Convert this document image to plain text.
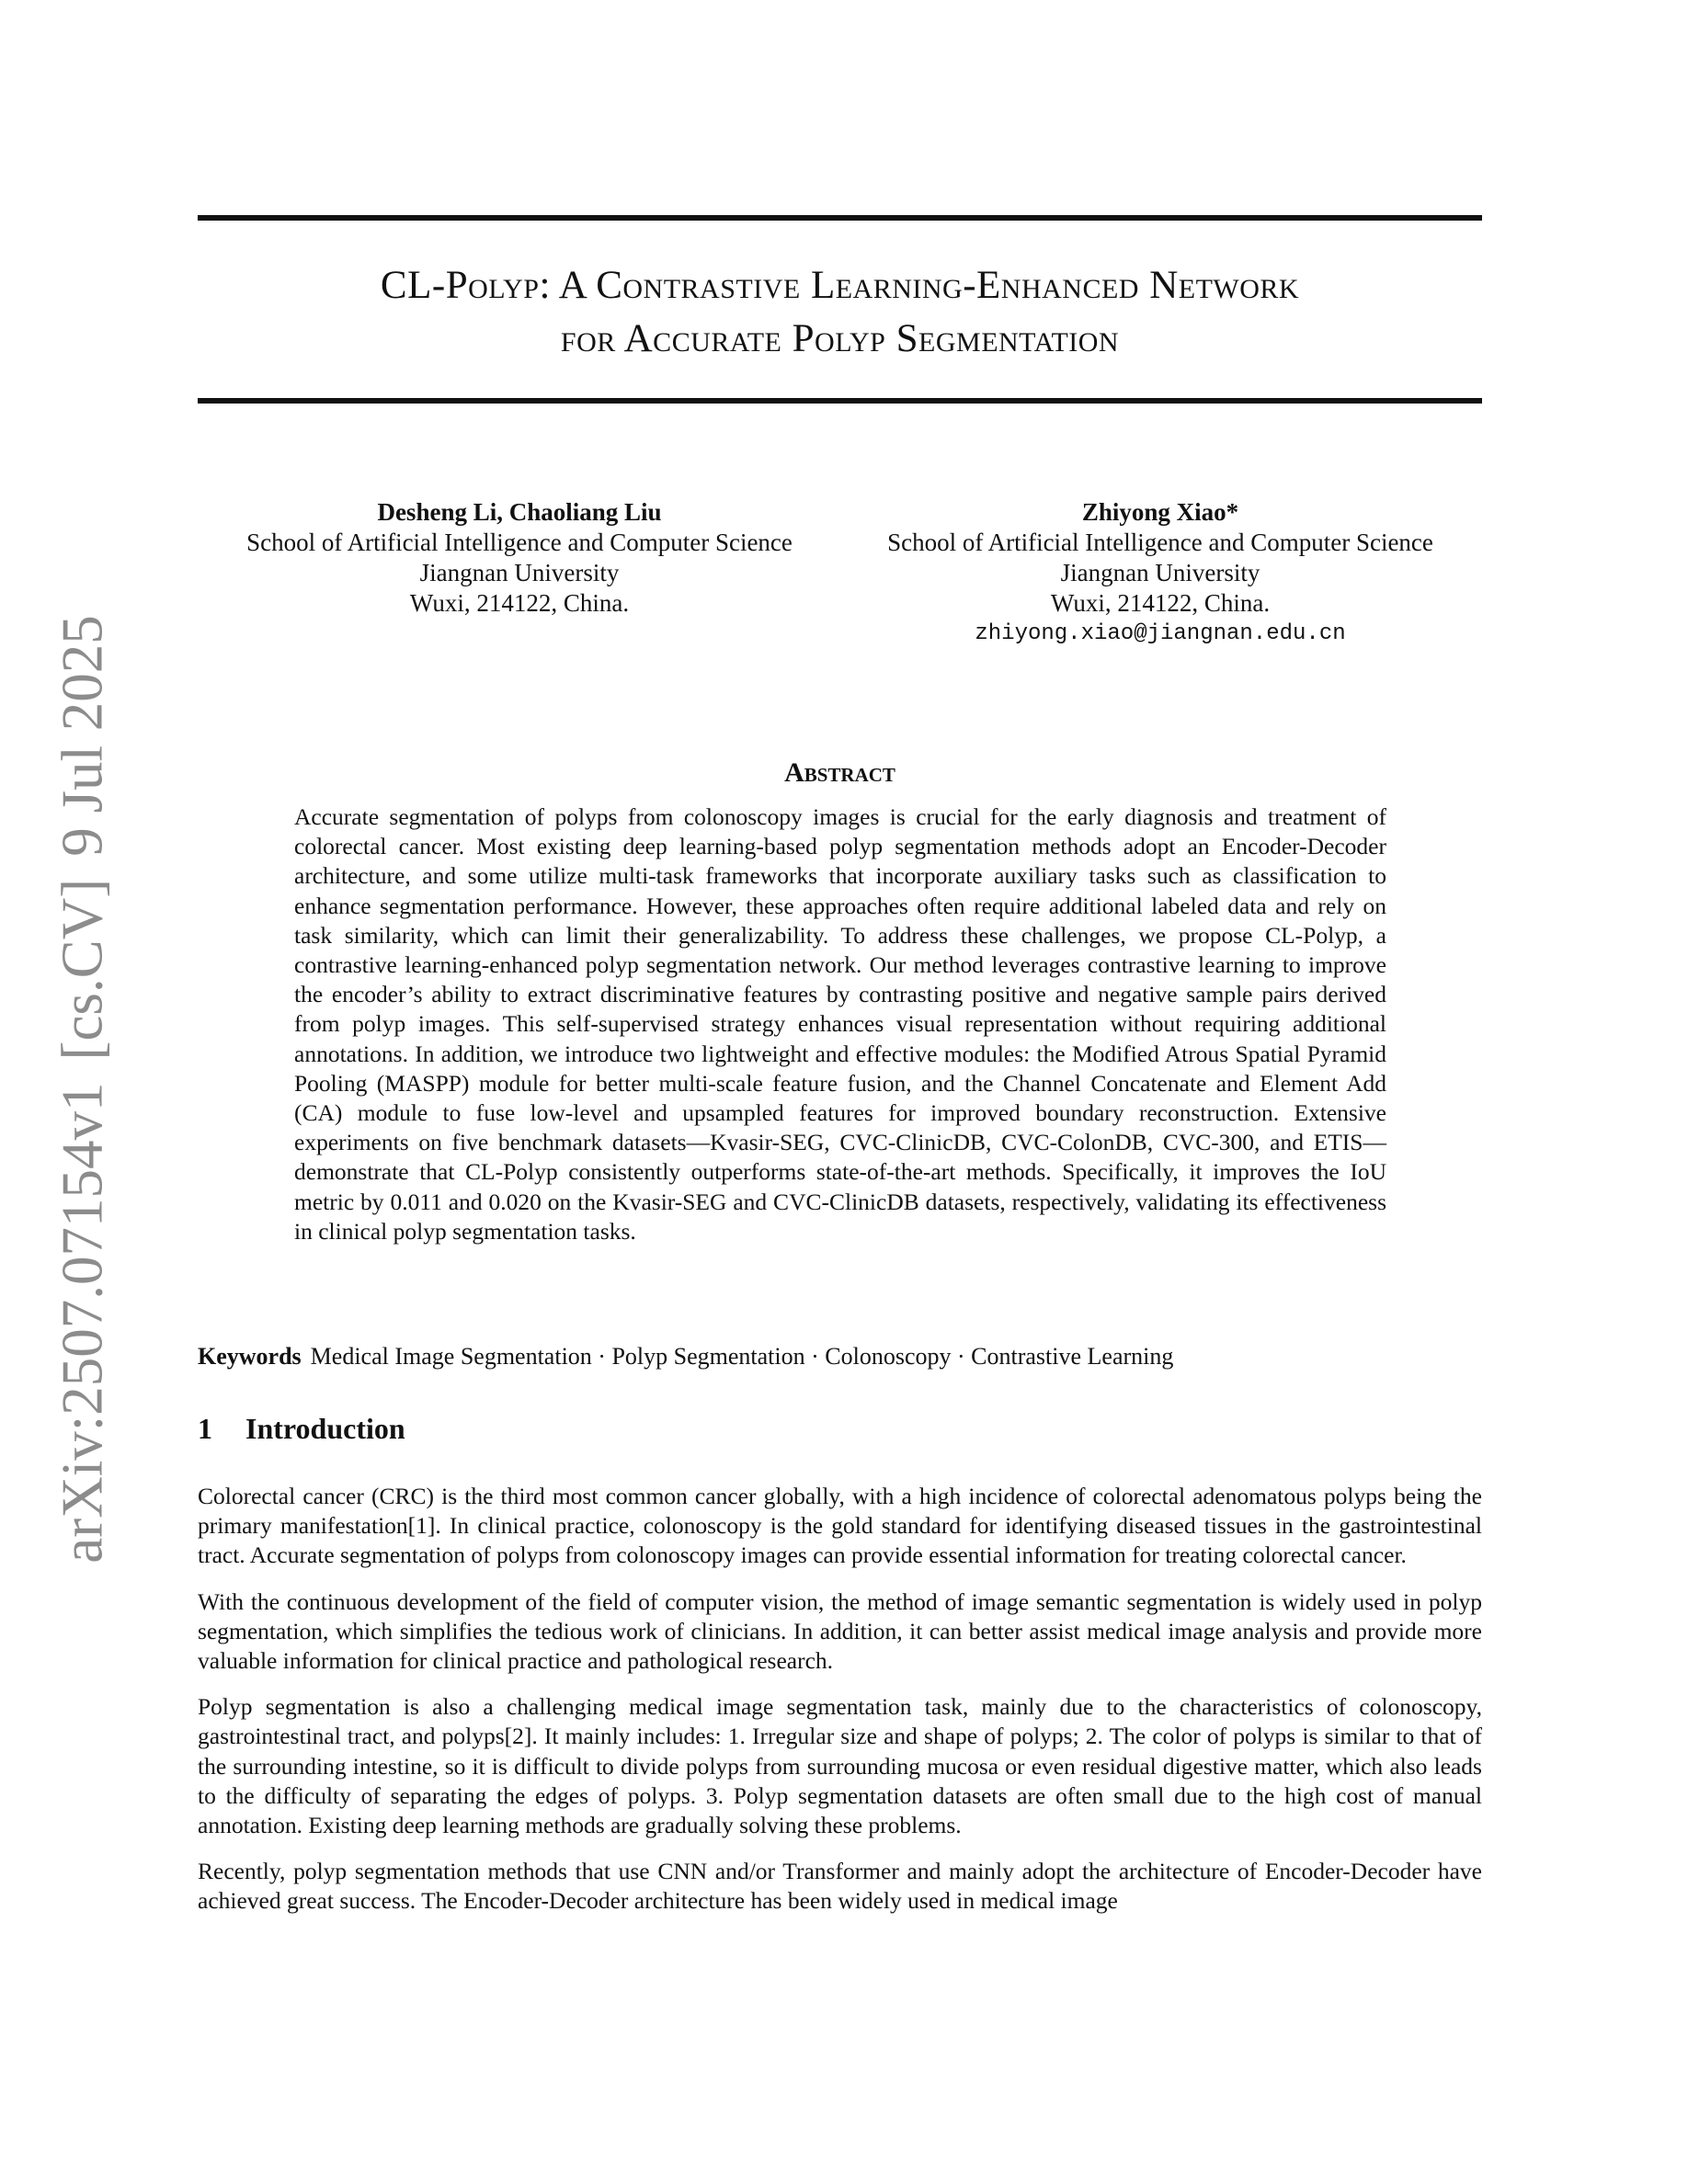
arXiv:2507.07154v1[cs.CV]9 Jul 2025
CL-Polyp: A Contrastive Learning-Enhanced Network
for Accurate Polyp Segmentation
Desheng Li, Chaoliang Liu
School of Artificial Intelligence and Computer Science
Jiangnan University
Wuxi, 214122, China.
Zhiyong Xiao*
School of Artificial Intelligence and Computer Science
Jiangnan University
Wuxi, 214122, China.
zhiyong.xiao@jiangnan.edu.cn
Abstract
Accurate segmentation of polyps from colonoscopy images is crucial for the early diagnosis and treatment of colorectal cancer. Most existing deep learning-based polyp segmentation methods adopt an Encoder-Decoder architecture, and some utilize multi-task frameworks that incorporate auxiliary tasks such as classification to enhance segmentation performance. However, these approaches often require additional labeled data and rely on task similarity, which can limit their generalizability. To address these challenges, we propose CL-Polyp, a contrastive learning-enhanced polyp segmentation network. Our method leverages contrastive learning to improve the encoder’s ability to extract discriminative features by contrasting positive and negative sample pairs derived from polyp images. This self-supervised strategy enhances visual representation without requiring additional annotations. In addition, we introduce two lightweight and effective modules: the Modified Atrous Spatial Pyramid Pooling (MASPP) module for better multi-scale feature fusion, and the Channel Concatenate and Element Add (CA) module to fuse low-level and upsampled features for improved boundary reconstruction. Extensive experiments on five benchmark datasets—Kvasir-SEG, CVC-ClinicDB, CVC-ColonDB, CVC-300, and ETIS—demonstrate that CL-Polyp consistently outperforms state-of-the-art methods. Specifically, it improves the IoU metric by 0.011 and 0.020 on the Kvasir-SEG and CVC-ClinicDB datasets, respectively, validating its effectiveness in clinical polyp segmentation tasks.
Keywords Medical Image Segmentation · Polyp Segmentation · Colonoscopy · Contrastive Learning
1 Introduction

Colorectal cancer (CRC) is the third most common cancer globally, with a high incidence of colorectal adenomatous polyps being the primary manifestation[1]. In clinical practice, colonoscopy is the gold standard for identifying diseased tissues in the gastrointestinal tract. Accurate segmentation of polyps from colonoscopy images can provide essential information for treating colorectal cancer.

With the continuous development of the field of computer vision, the method of image semantic segmentation is widely used in polyp segmentation, which simplifies the tedious work of clinicians. In addition, it can better assist medical image analysis and provide more valuable information for clinical practice and pathological research.

Polyp segmentation is also a challenging medical image segmentation task, mainly due to the characteristics of colonoscopy, gastrointestinal tract, and polyps[2]. It mainly includes: 1. Irregular size and shape of polyps; 2. The color of polyps is similar to that of the surrounding intestine, so it is difficult to divide polyps from surrounding mucosa or even residual digestive matter, which also leads to the difficulty of separating the edges of polyps. 3. Polyp segmentation datasets are often small due to the high cost of manual annotation. Existing deep learning methods are gradually solving these problems.

Recently, polyp segmentation methods that use CNN and/or Transformer and mainly adopt the architecture of Encoder-Decoder have achieved great success. The Encoder-Decoder architecture has been widely used in medical image
